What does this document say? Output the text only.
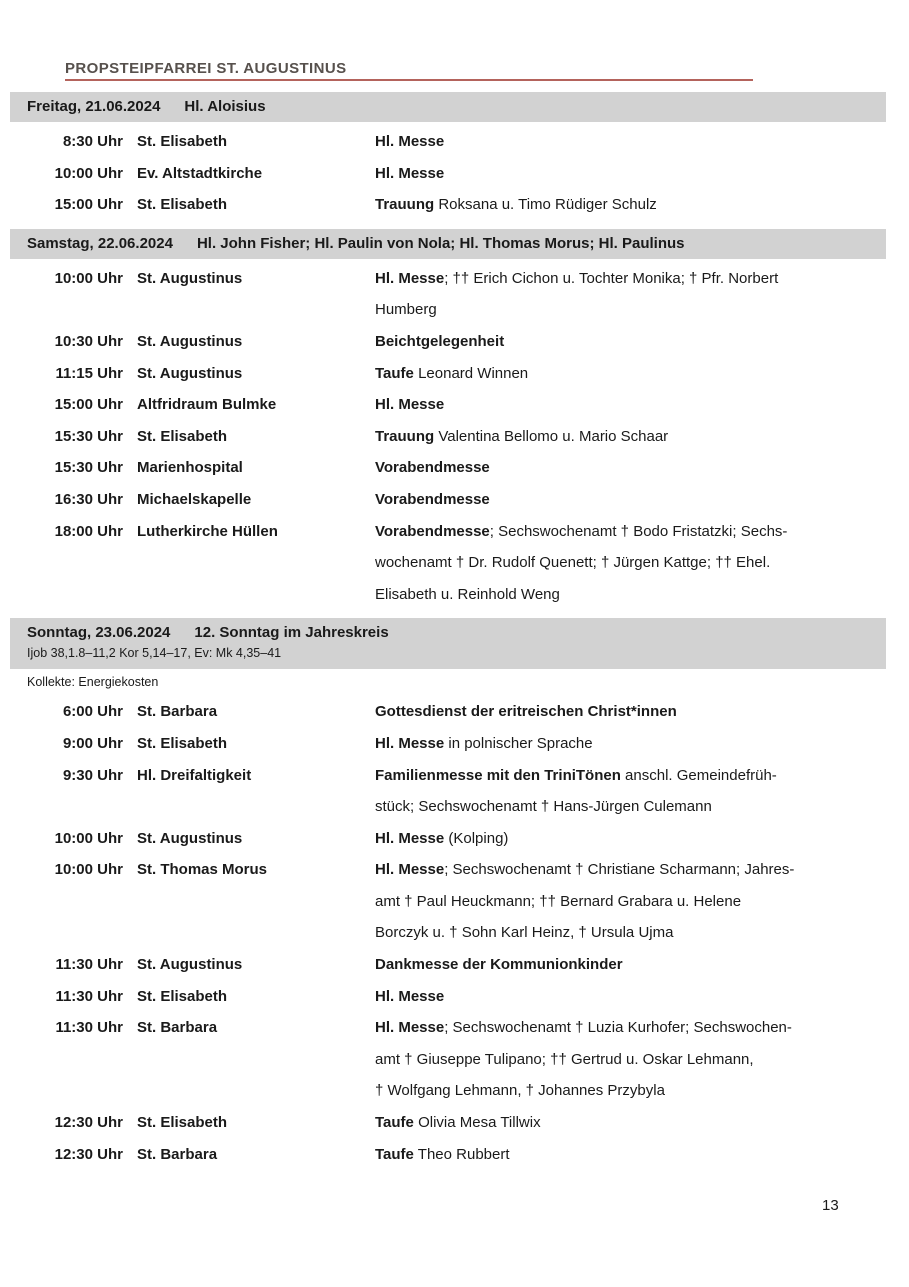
PROPSTEIPFARREI ST. AUGUSTINUS
Freitag, 21.06.2024 Hl. Aloisius
8:30 Uhr St. Elisabeth	Hl. Messe
10:00 Uhr Ev. Altstadtkirche	Hl. Messe
15:00 Uhr St. Elisabeth	Trauung Roksana u. Timo Rüdiger Schulz
Samstag, 22.06.2024 Hl. John Fisher; Hl. Paulin von Nola; Hl. Thomas Morus; Hl. Paulinus
10:00 Uhr St. Augustinus	Hl. Messe; †† Erich Cichon u. Tochter Monika; † Pfr. Norbert
Humberg
10:30 Uhr St. Augustinus	Beichtgelegenheit
11:15 Uhr St. Augustinus	Taufe Leonard Winnen
15:00 Uhr Altfridraum Bulmke	Hl. Messe
15:30 Uhr St. Elisabeth	Trauung Valentina Bellomo u. Mario Schaar
15:30 Uhr Marienhospital	Vorabendmesse
16:30 Uhr Michaelskapelle	Vorabendmesse
18:00 Uhr Lutherkirche Hüllen	Vorabendmesse; Sechswochenamt † Bodo Fristatzki; Sechs-
wochenamt † Dr. Rudolf Quenett; † Jürgen Kattge; †† Ehel.
Elisabeth u. Reinhold Weng
Sonntag, 23.06.2024 12. Sonntag im Jahreskreis
Ijob 38,1.8–11,2 Kor 5,14–17, Ev: Mk 4,35–41
Kollekte: Energiekosten
6:00 Uhr St. Barbara	Gottesdienst der eritreischen Christ*innen
9:00 Uhr St. Elisabeth	Hl. Messe in polnischer Sprache
9:30 Uhr Hl. Dreifaltigkeit	Familienmesse mit den TriniTönen anschl. Gemeindefrüh-
stück; Sechswochenamt † Hans-Jürgen Culemann
10:00 Uhr St. Augustinus	Hl. Messe (Kolping)
10:00 Uhr St. Thomas Morus	Hl. Messe; Sechswochenamt † Christiane Scharmann; Jahres-
amt † Paul Heuckmann; †† Bernard Grabara u. Helene
Borczyk u. † Sohn Karl Heinz, † Ursula Ujma
11:30 Uhr St. Augustinus	Dankmesse der Kommunionkinder
11:30 Uhr St. Elisabeth	Hl. Messe
11:30 Uhr St. Barbara	Hl. Messe; Sechswochenamt † Luzia Kurhofer; Sechswochen-
amt † Giuseppe Tulipano; †† Gertrud u. Oskar Lehmann,
† Wolfgang Lehmann, † Johannes Przybyla
12:30 Uhr St. Elisabeth	Taufe Olivia Mesa Tillwix
12:30 Uhr St. Barbara	Taufe Theo Rubbert
13
